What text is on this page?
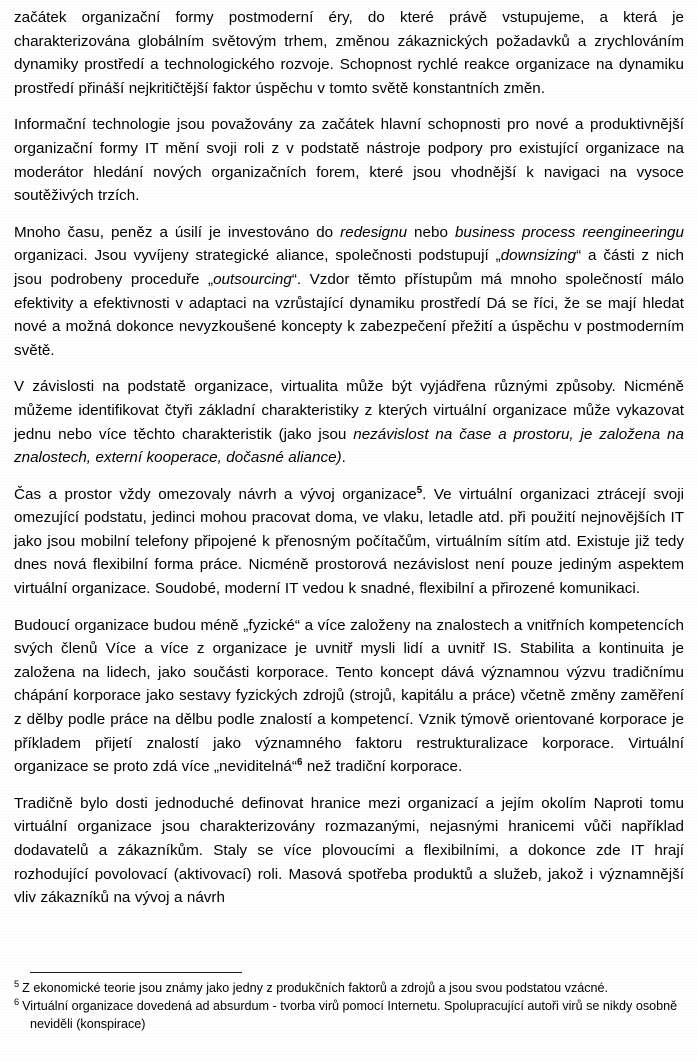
začátek organizační formy postmoderní éry, do které právě vstupujeme, a která je charakterizována globálním světovým trhem, změnou zákaznických požadavků a zrychlováním dynamiky prostředí a technologického rozvoje. Schopnost rychlé reakce organizace na dynamiku prostředí přináší nejkritičtější faktor úspěchu v tomto světě konstantních změn.

Informační technologie jsou považovány za začátek hlavní schopnosti pro nové a produktivnější organizační formy IT mění svoji roli z v podstatě nástroje podpory pro existující organizace na moderátor hledání nových organizačních forem, které jsou vhodnější k navigaci na vysoce soutěživých trzích.

Mnoho času, peněz a úsilí je investováno do redesignu nebo business process reengineeringu organizaci. Jsou vyvíjeny strategické aliance, společnosti podstupují „downsizing“ a části z nich jsou podrobeny proceduře „outsourcing“. Vzdor těmto přístupům má mnoho společností málo efektivity a efektivnosti v adaptaci na vzrůstající dynamiku prostředí Dá se říci, že se mají hledat nové a možná dokonce nevyzkoušené koncepty k zabezpečení přežití a úspěchu v postmoderním světě.

V závislosti na podstatě organizace, virtualita může být vyjádřena různými způsoby. Nicméně můžeme identifikovat čtyři základní charakteristiky z kterých virtuální organizace může vykazovat jednu nebo více těchto charakteristik (jako jsou nezávislost na čase a prostoru, je založena na znalostech, externí kooperace, dočasné aliance).

Čas a prostor vždy omezovaly návrh a vývoj organizace$^5$. Ve virtuální organizaci ztrácejí svoji omezující podstatu, jedinci mohou pracovat doma, ve vlaku, letadle atd. při použití nejnovějších IT jako jsou mobilní telefony připojené k přenosným počítačům, virtuálním sítím atd. Existuje již tedy dnes nová flexibilní forma práce. Nicméně prostorová nezávislost není pouze jediným aspektem virtuální organizace. Soudobé, moderní IT vedou k snadné, flexibilní a přirozené komunikaci.

Budoucí organizace budou méně „fyzické“ a více založeny na znalostech a vnitřních kompetencích svých členů Více a více z organizace je uvnitř mysli lidí a uvnitř IS. Stabilita a kontinuita je založena na lidech, jako součásti korporace. Tento koncept dává významnou výzvu tradičnímu chápání korporace jako sestavy fyzických zdrojů (strojů, kapitálu a práce) včetně změny zaměření z dělby podle práce na dělbu podle znalostí a kompetencí. Vznik týmově orientované korporace je příkladem přijetí znalostí jako významného faktoru restrukturalizace korporace. Virtuální organizace se proto zdá více „neviditelná“$^6$ než tradiční korporace.

Tradičně bylo dosti jednoduché definovat hranice mezi organizací a jejím okolím Naproti tomu virtuální organizace jsou charakterizovány rozmazanými, nejasnými hranicemi vůči například dodavatelů a zákazníkům. Staly se více plovoucími a flexibilními, a dokonce zde IT hrají rozhodující povolovací (aktivovací) roli. Masová spotřeba produktů a služeb, jakož i významnější vliv zákazníků na vývoj a návrh

$^5$ Z ekonomické teorie jsou známy jako jedny z produkčních faktorů a zdrojů a jsou svou podstatou vzácné.

$^6$ Virtuální organizace dovedená ad absurdum - tvorba virů pomocí Internetu. Spolupracující autoři virů se nikdy osobně neviděli (konspirace)
